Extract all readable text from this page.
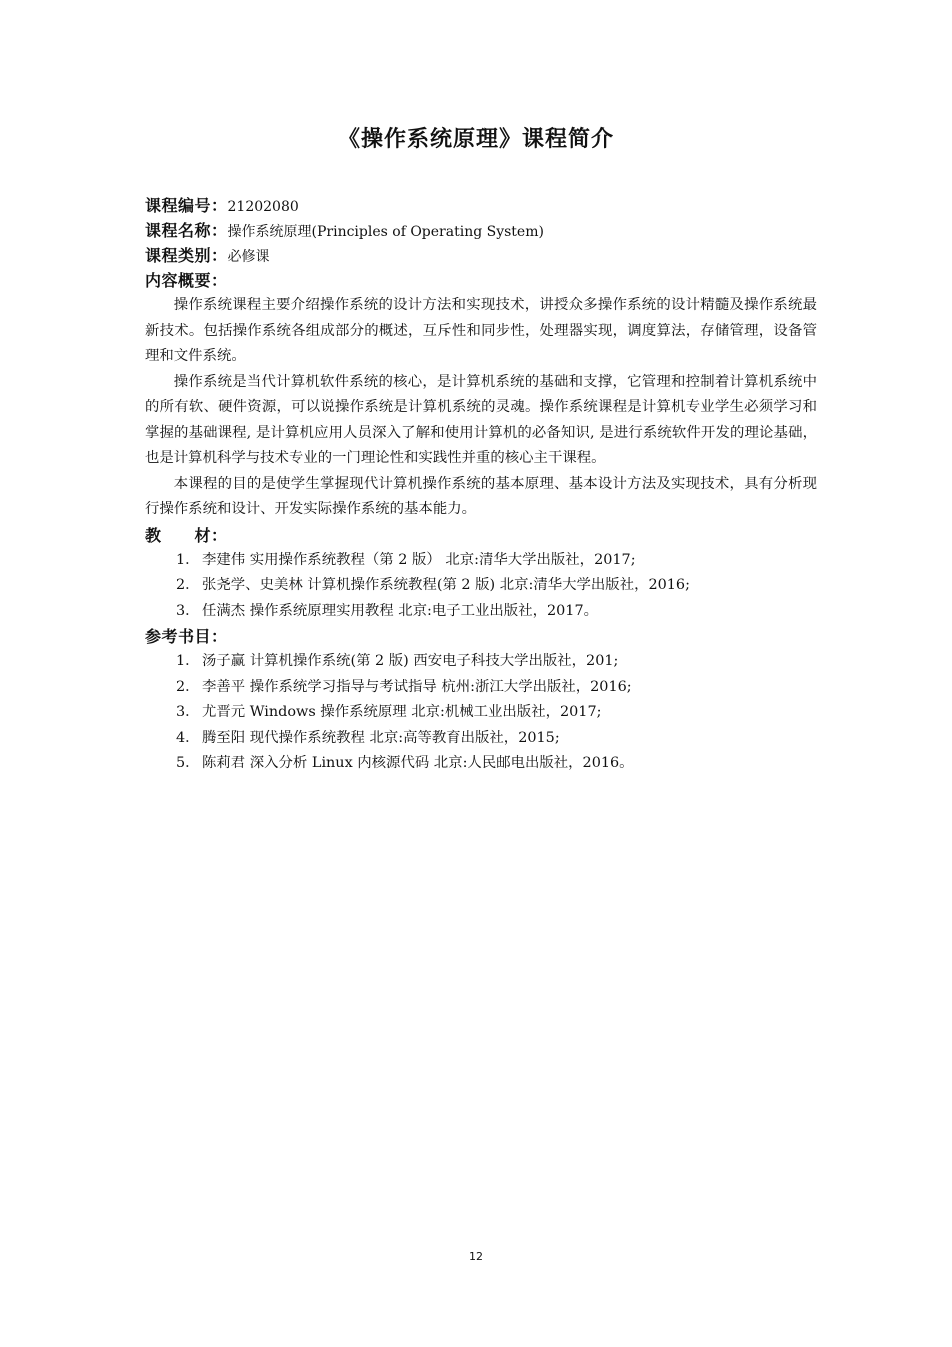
《操作系统原理》课程简介
课程编号：21202080
课程名称：操作系统原理(Principles of Operating System)
课程类别：必修课
内容概要：

操作系统课程主要介绍操作系统的设计方法和实现技术，讲授众多操作系统的设计精髓及操作系统最新技术。包括操作系统各组成部分的概述，互斥性和同步性，处理器实现，调度算法，存储管理，设备管理和文件系统。

操作系统是当代计算机软件系统的核心，是计算机系统的基础和支撑，它管理和控制着计算机系统中的所有软、硬件资源，可以说操作系统是计算机系统的灵魂。操作系统课程是计算机专业学生必须学习和掌握的基础课程, 是计算机应用人员深入了解和使用计算机的必备知识, 是进行系统软件开发的理论基础，也是计算机科学与技术专业的一门理论性和实践性并重的核心主干课程。

本课程的目的是使学生掌握现代计算机操作系统的基本原理、基本设计方法及实现技术，具有分析现行操作系统和设计、开发实际操作系统的基本能力。

教　　材：
1． 李建伟 实用操作系统教程（第 2 版） 北京:清华大学出版社，2017;
2． 张尧学、史美林 计算机操作系统教程(第 2 版) 北京:清华大学出版社，2016;
3． 任满杰 操作系统原理实用教程 北京:电子工业出版社，2017。
参考书目：
1． 汤子赢 计算机操作系统(第 2 版) 西安电子科技大学出版社，201;
2． 李善平 操作系统学习指导与考试指导 杭州:浙江大学出版社，2016;
3． 尤晋元 Windows 操作系统原理 北京:机械工业出版社，2017;
4． 腾至阳 现代操作系统教程 北京:高等教育出版社，2015;
5． 陈莉君 深入分析 Linux 内核源代码 北京:人民邮电出版社，2016。
12
